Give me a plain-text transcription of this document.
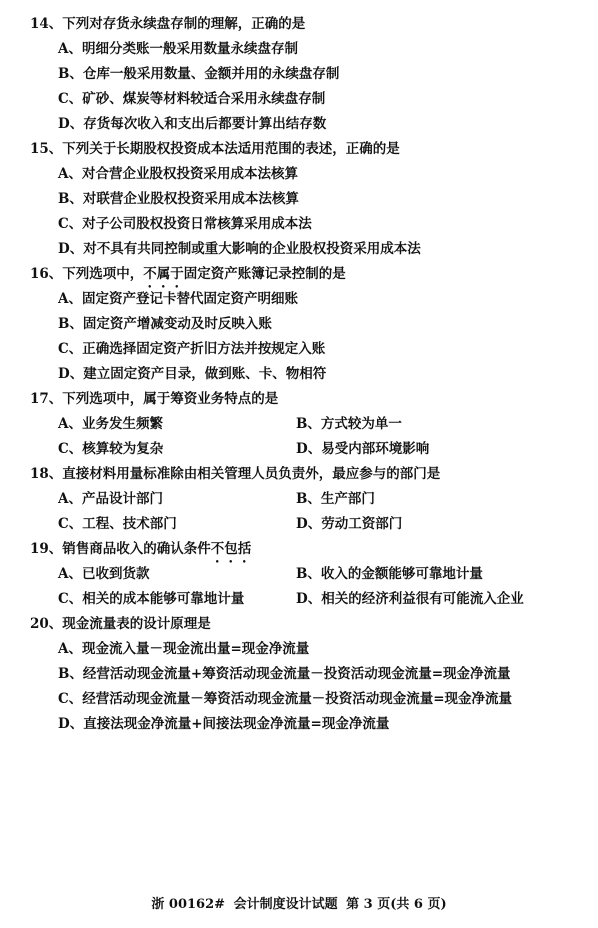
14、下列对存货永续盘存制的理解，正确的是
A、明细分类账一般采用数量永续盘存制
B、仓库一般采用数量、金额并用的永续盘存制
C、矿砂、煤炭等材料较适合采用永续盘存制
D、存货每次收入和支出后都要计算出结存数
15、下列关于长期股权投资成本法适用范围的表述，正确的是
A、对合营企业股权投资采用成本法核算
B、对联营企业股权投资采用成本法核算
C、对子公司股权投资日常核算采用成本法
D、对不具有共同控制或重大影响的企业股权投资采用成本法
16、下列选项中，不属于固定资产账簿记录控制的是
A、固定资产登记卡替代固定资产明细账
B、固定资产增减变动及时反映入账
C、正确选择固定资产折旧方法并按规定入账
D、建立固定资产目录，做到账、卡、物相符
17、下列选项中，属于筹资业务特点的是
A、业务发生频繁	B、方式较为单一
C、核算较为复杂	D、易受内部环境影响
18、直接材料用量标准除由相关管理人员负责外，最应参与的部门是
A、产品设计部门	B、生产部门
C、工程、技术部门	D、劳动工资部门
19、销售商品收入的确认条件不包括
A、已收到货款	B、收入的金额能够可靠地计量
C、相关的成本能够可靠地计量	D、相关的经济利益很有可能流入企业
20、现金流量表的设计原理是
A、现金流入量－现金流出量=现金净流量
B、经营活动现金流量+筹资活动现金流量－投资活动现金流量=现金净流量
C、经营活动现金流量－筹资活动现金流量－投资活动现金流量=现金净流量
D、直接法现金净流量+间接法现金净流量=现金净流量
浙 00162# 会计制度设计试题 第 3 页(共 6 页)
